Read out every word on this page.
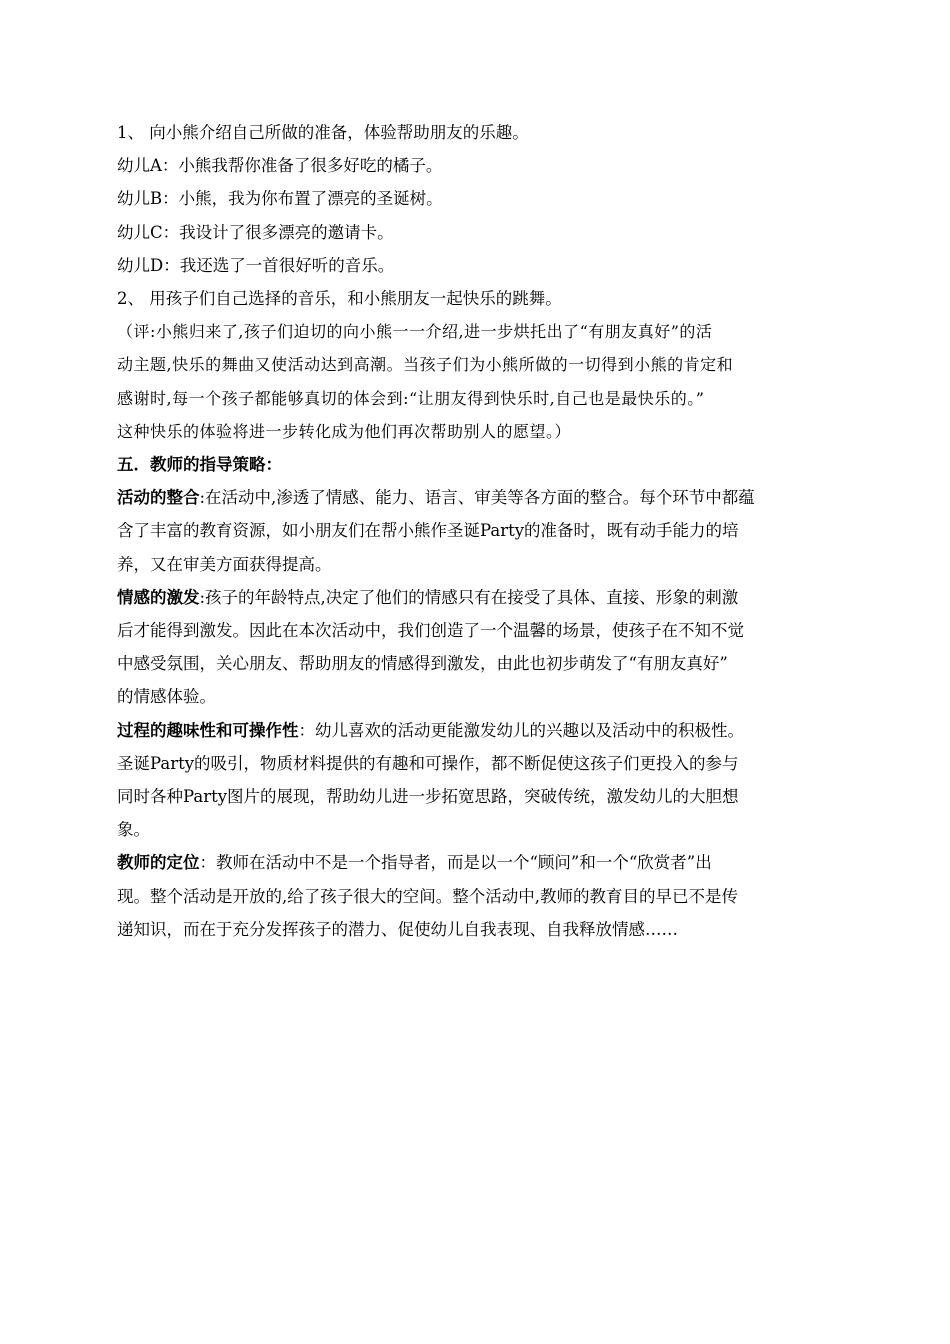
1、 向小熊介绍自己所做的准备，体验帮助朋友的乐趣。
幼儿A：小熊我帮你准备了很多好吃的橘子。
幼儿B：小熊，我为你布置了漂亮的圣诞树。
幼儿C：我设计了很多漂亮的邀请卡。
幼儿D：我还选了一首很好听的音乐。
2、 用孩子们自己选择的音乐，和小熊朋友一起快乐的跳舞。
（评:小熊归来了,孩子们迫切的向小熊一一介绍,进一步烘托出了“有朋友真好”的活
动主题,快乐的舞曲又使活动达到高潮。当孩子们为小熊所做的一切得到小熊的肯定和
感谢时,每一个孩子都能够真切的体会到:“让朋友得到快乐时,自己也是最快乐的。”
这种快乐的体验将进一步转化成为他们再次帮助别人的愿望。）
五．教师的指导策略：
活动的整合:在活动中,渗透了情感、能力、语言、审美等各方面的整合。每个环节中都蕴
含了丰富的教育资源，如小朋友们在帮小熊作圣诞Party的准备时，既有动手能力的培
养，又在审美方面获得提高。
情感的激发:孩子的年龄特点,决定了他们的情感只有在接受了具体、直接、形象的刺激
后才能得到激发。因此在本次活动中，我们创造了一个温馨的场景，使孩子在不知不觉
中感受氛围，关心朋友、帮助朋友的情感得到激发，由此也初步萌发了“有朋友真好”
的情感体验。
过程的趣味性和可操作性：幼儿喜欢的活动更能激发幼儿的兴趣以及活动中的积极性。
圣诞Party的吸引，物质材料提供的有趣和可操作，都不断促使这孩子们更投入的参与
同时各种Party图片的展现，帮助幼儿进一步拓宽思路，突破传统，激发幼儿的大胆想
象。
教师的定位：教师在活动中不是一个指导者，而是以一个“顾问”和一个“欣赏者”出
现。整个活动是开放的,给了孩子很大的空间。整个活动中,教师的教育目的早已不是传
递知识，而在于充分发挥孩子的潜力、促使幼儿自我表现、自我释放情感……
